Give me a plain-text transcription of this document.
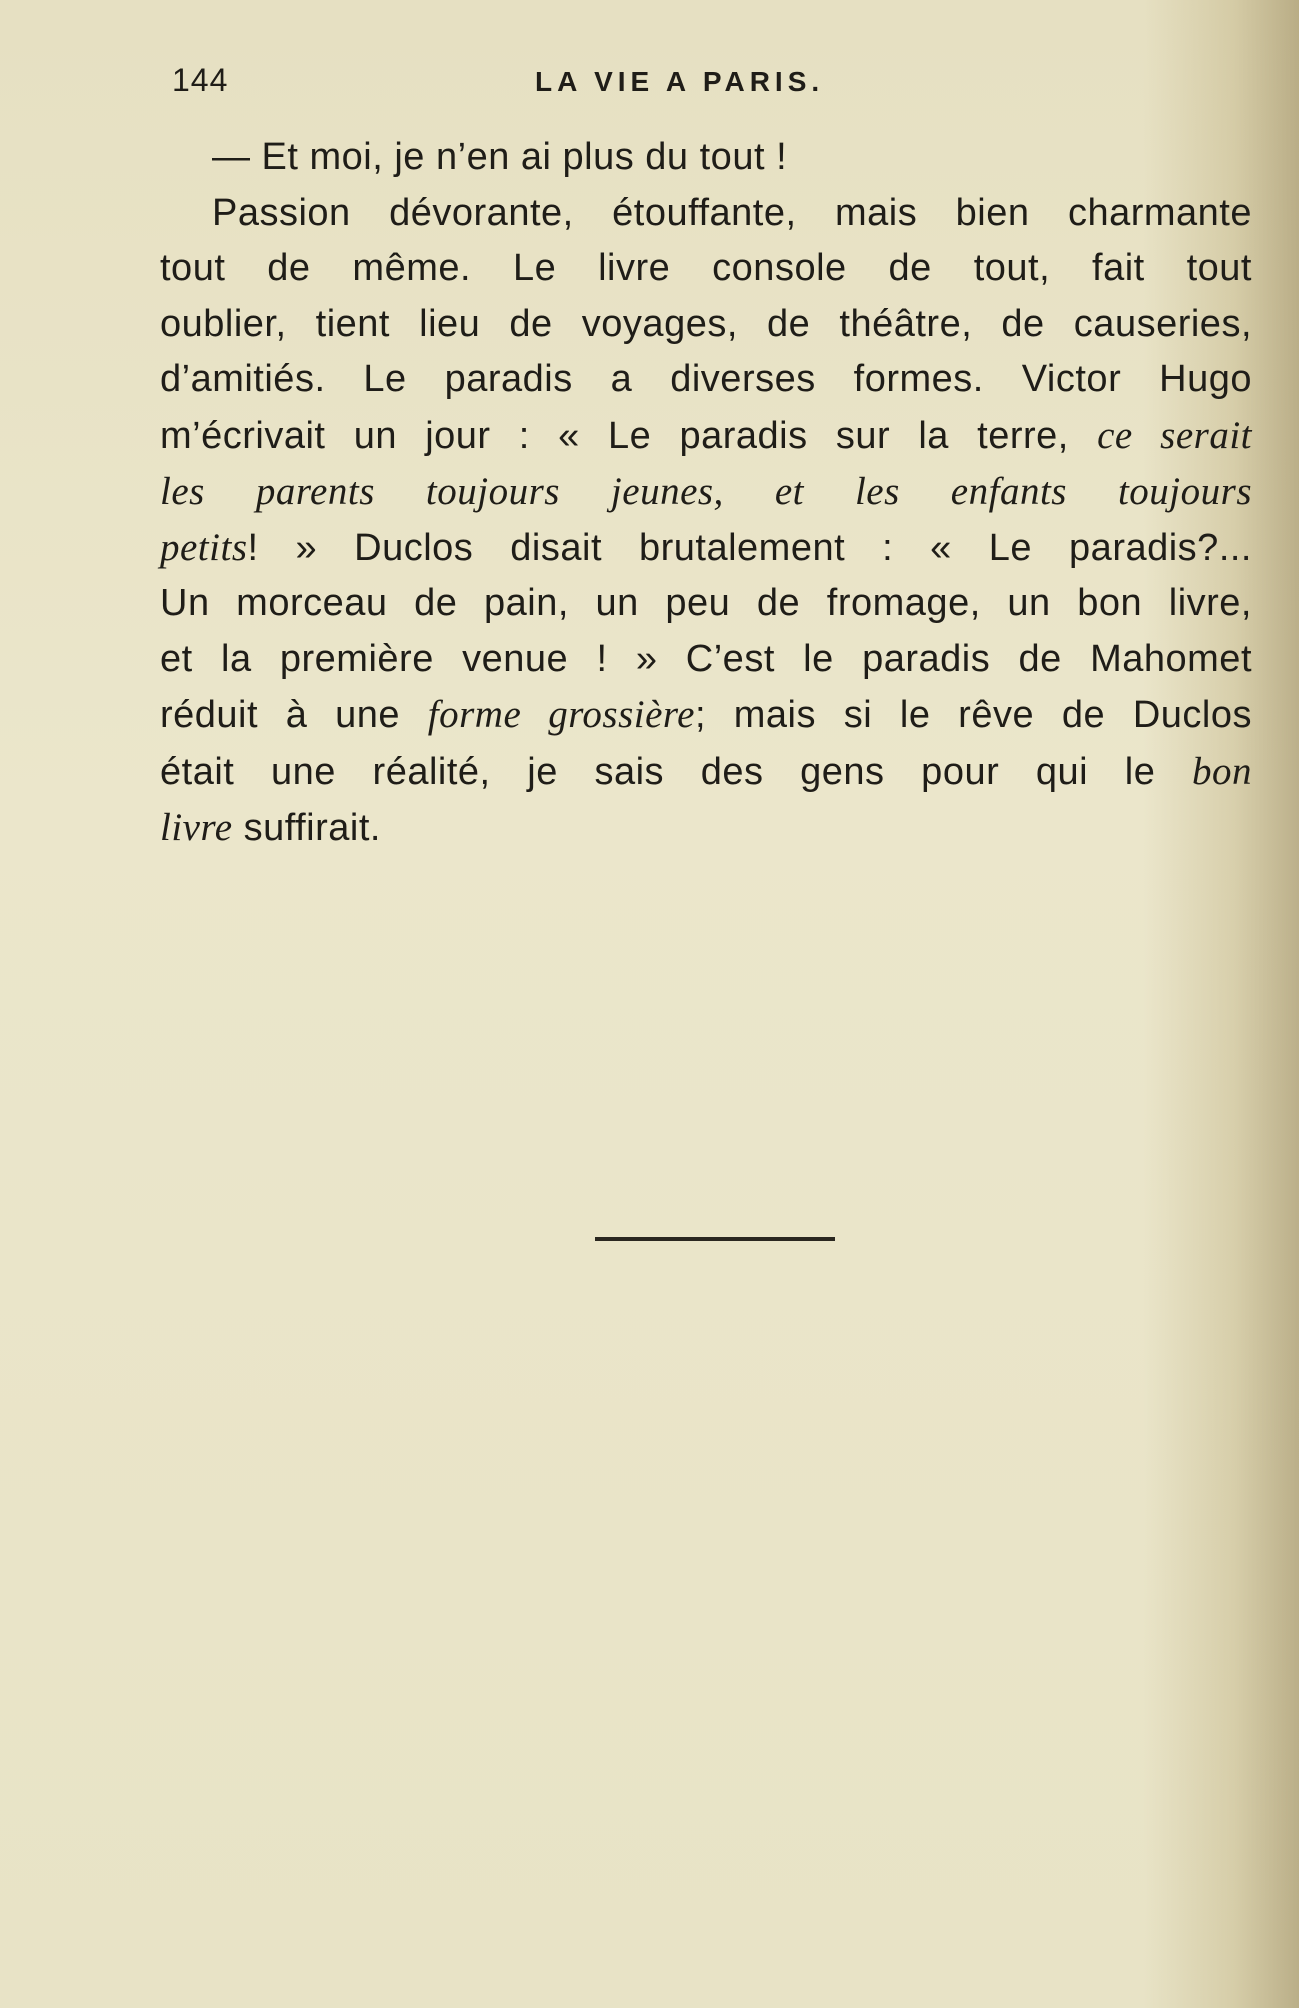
144	LA VIE A PARIS.
— Et moi, je n’en ai plus du tout !
Passion dévorante, étouffante, mais bien charmante
tout de même. Le livre console de tout, fait tout
oublier, tient lieu de voyages, de théâtre, de causeries,
d’amitiés. Le paradis a diverses formes. Victor Hugo
m’écrivait un jour : « Le paradis sur la terre, ce serait
les parents toujours jeunes, et les enfants toujours
petits! » Duclos disait brutalement : « Le paradis?...
Un morceau de pain, un peu de fromage, un bon livre,
et la première venue ! » C’est le paradis de Mahomet
réduit à une forme grossière; mais si le rêve de Duclos
était une réalité, je sais des gens pour qui le bon
livre suffirait.
